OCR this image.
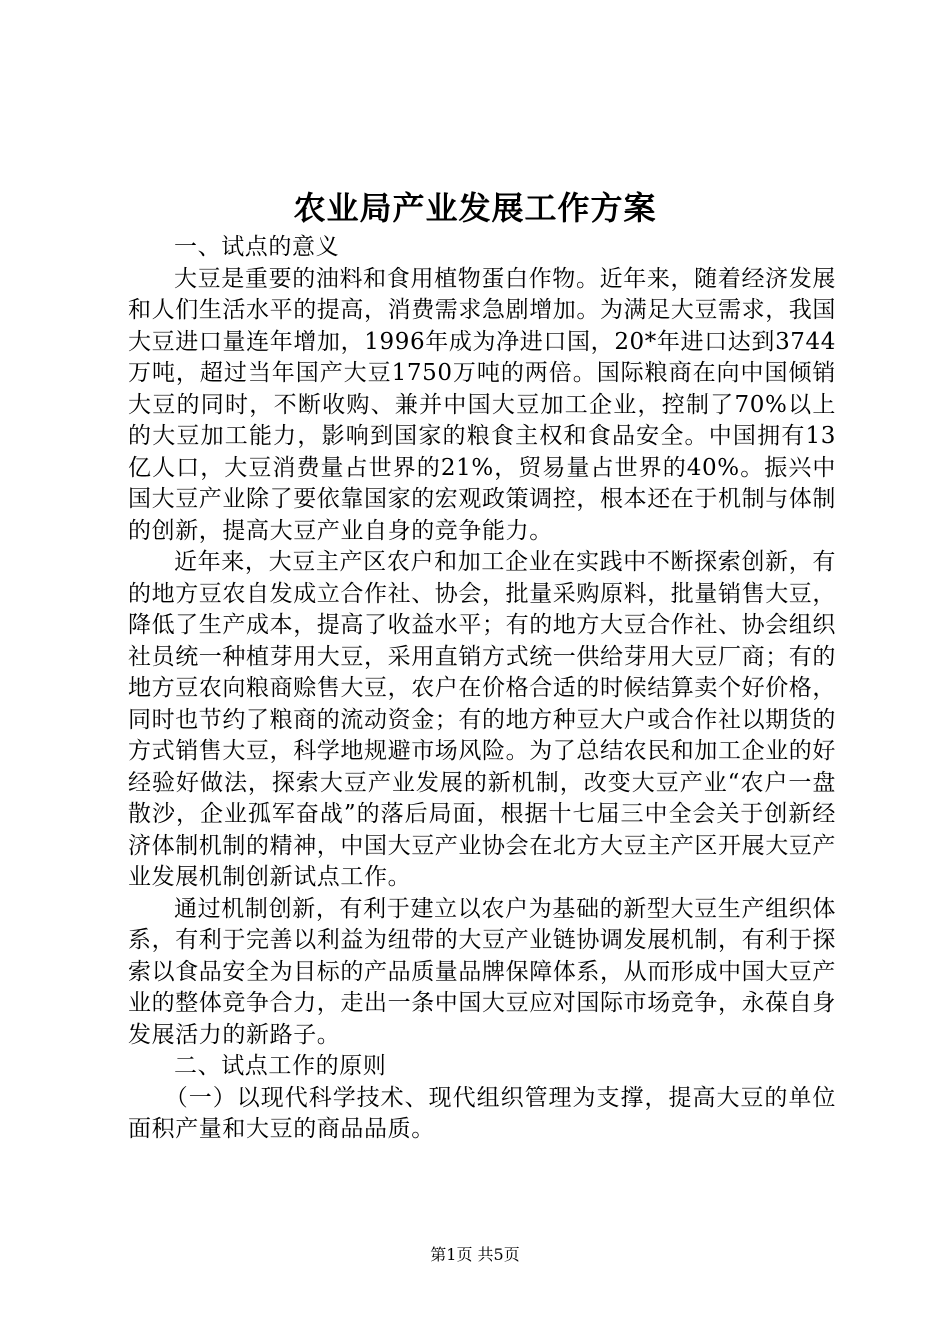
农业局产业发展工作方案

一、试点的意义

大豆是重要的油料和食用植物蛋白作物。近年来，随着经济发展和人们生活水平的提高，消费需求急剧增加。为满足大豆需求，我国大豆进口量连年增加，1996年成为净进口国，20*年进口达到3744万吨，超过当年国产大豆1750万吨的两倍。国际粮商在向中国倾销大豆的同时，不断收购、兼并中国大豆加工企业，控制了70%以上的大豆加工能力，影响到国家的粮食主权和食品安全。中国拥有13亿人口，大豆消费量占世界的21%，贸易量占世界的40%。振兴中国大豆产业除了要依靠国家的宏观政策调控，根本还在于机制与体制的创新，提高大豆产业自身的竞争能力。

近年来，大豆主产区农户和加工企业在实践中不断探索创新，有的地方豆农自发成立合作社、协会，批量采购原料，批量销售大豆，降低了生产成本，提高了收益水平；有的地方大豆合作社、协会组织社员统一种植芽用大豆，采用直销方式统一供给芽用大豆厂商；有的地方豆农向粮商赊售大豆，农户在价格合适的时候结算卖个好价格，同时也节约了粮商的流动资金；有的地方种豆大户或合作社以期货的方式销售大豆，科学地规避市场风险。为了总结农民和加工企业的好经验好做法，探索大豆产业发展的新机制，改变大豆产业“农户一盘散沙，企业孤军奋战”的落后局面，根据十七届三中全会关于创新经济体制机制的精神，中国大豆产业协会在北方大豆主产区开展大豆产业发展机制创新试点工作。

通过机制创新，有利于建立以农户为基础的新型大豆生产组织体系，有利于完善以利益为纽带的大豆产业链协调发展机制，有利于探索以食品安全为目标的产品质量品牌保障体系，从而形成中国大豆产业的整体竞争合力，走出一条中国大豆应对国际市场竞争，永葆自身发展活力的新路子。

二、试点工作的原则

（一）以现代科学技术、现代组织管理为支撑，提高大豆的单位面积产量和大豆的商品品质。

第1页 共5页
